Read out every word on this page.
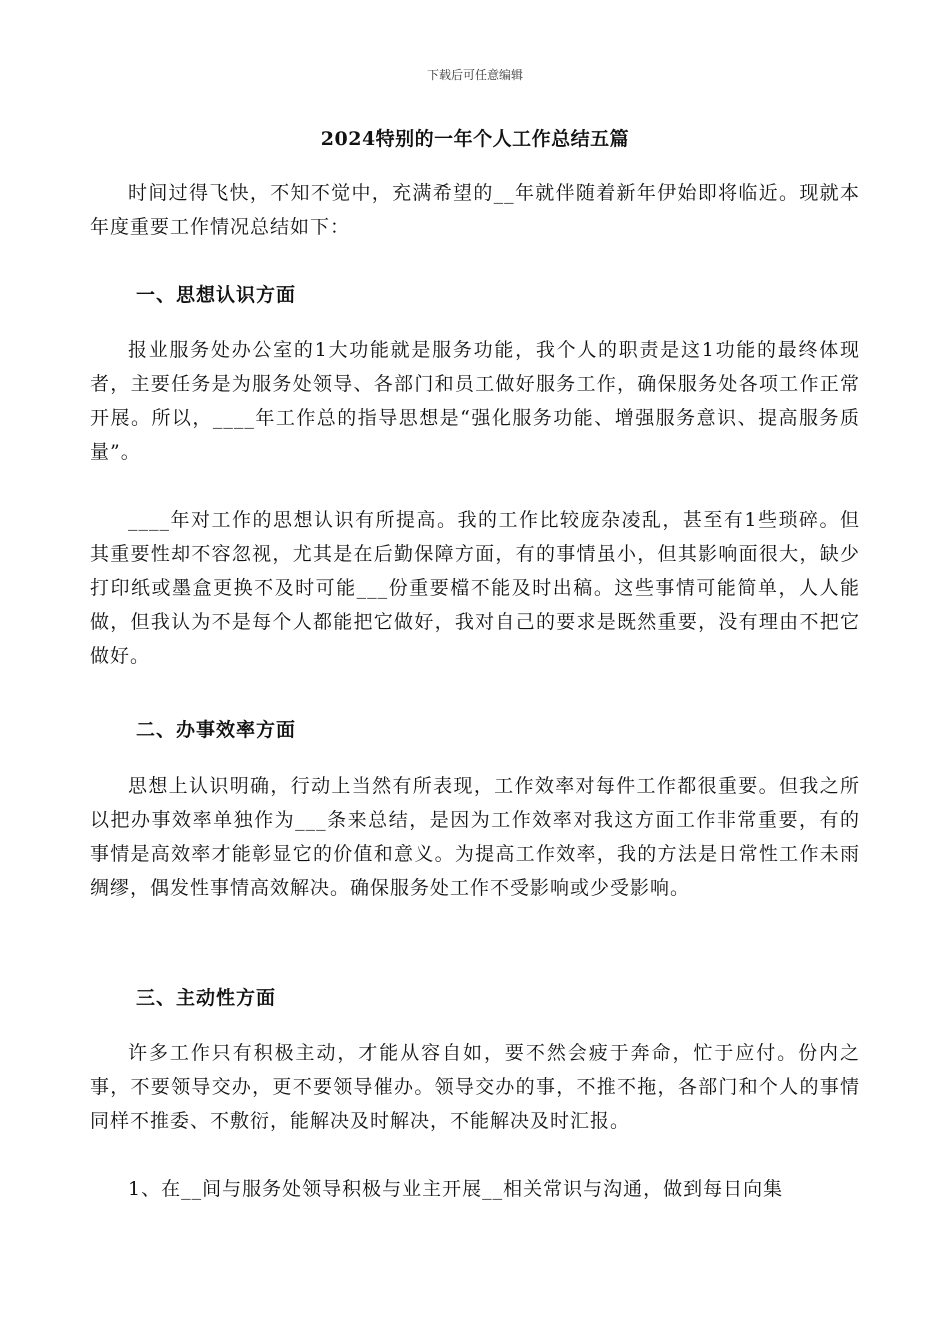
下载后可任意编辑
2024特别的一年个人工作总结五篇

时间过得飞快，不知不觉中，充满希望的__年就伴随着新年伊始即将临近。现就本年度重要工作情况总结如下：

一、思想认识方面

报业服务处办公室的1大功能就是服务功能，我个人的职责是这1功能的最终体现者，主要任务是为服务处领导、各部门和员工做好服务工作，确保服务处各项工作正常开展。所以，____年工作总的指导思想是“强化服务功能、增强服务意识、提高服务质量”。

____年对工作的思想认识有所提高。我的工作比较庞杂凌乱，甚至有1些琐碎。但其重要性却不容忽视，尤其是在后勤保障方面，有的事情虽小，但其影响面很大，缺少打印纸或墨盒更换不及时可能___份重要檔不能及时出稿。这些事情可能简单，人人能做，但我认为不是每个人都能把它做好，我对自己的要求是既然重要，没有理由不把它做好。

二、办事效率方面

思想上认识明确，行动上当然有所表现，工作效率对每件工作都很重要。但我之所以把办事效率单独作为___条来总结，是因为工作效率对我这方面工作非常重要，有的事情是高效率才能彰显它的价值和意义。为提高工作效率，我的方法是日常性工作未雨绸缪，偶发性事情高效解决。确保服务处工作不受影响或少受影响。

三、主动性方面

许多工作只有积极主动，才能从容自如，要不然会疲于奔命，忙于应付。份内之事，不要领导交办，更不要领导催办。领导交办的事，不推不拖，各部门和个人的事情同样不推委、不敷衍，能解决及时解决，不能解决及时汇报。

1、在__间与服务处领导积极与业主开展__相关常识与沟通，做到每日向集
